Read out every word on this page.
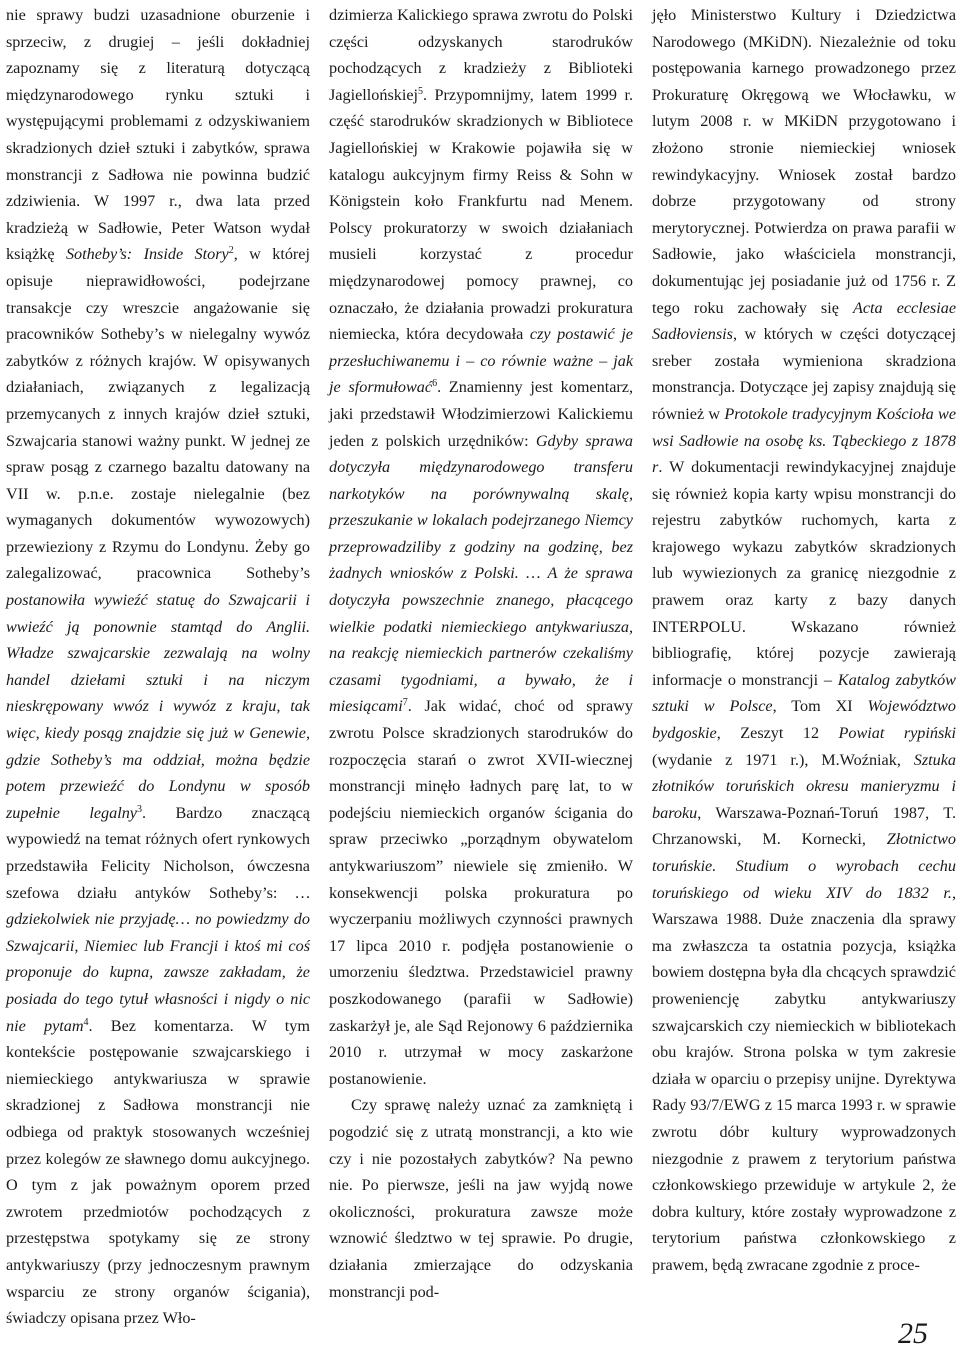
nie sprawy budzi uzasadnione oburzenie i sprzeciw, z drugiej – jeśli dokładniej zapoznamy się z literaturą dotyczącą międzynarodowego rynku sztuki i występującymi problemami z odzyskiwaniem skradzionych dzieł sztuki i zabytków, sprawa monstrancji z Sadłowa nie powinna budzić zdziwienia. W 1997 r., dwa lata przed kradzieżą w Sadłowie, Peter Watson wydał książkę Sotheby’s: Inside Story$^2$, w której opisuje nieprawidłowości, podejrzane transakcje czy wreszcie angażowanie się pracowników Sotheby’s w nielegalny wywóz zabytków z różnych krajów. W opisywanych działaniach, związanych z legalizacją przemycanych z innych krajów dzieł sztuki, Szwajcaria stanowi ważny punkt. W jednej ze spraw posąg z czarnego bazaltu datowany na VII w. p.n.e. zostaje nielegalnie (bez wymaganych dokumentów wywozowych) przewieziony z Rzymu do Londynu. Żeby go zalegalizować, pracownica Sotheby’s postanowiła wywieźć statuę do Szwajcarii i wwieźć ją ponownie stamtąd do Anglii. Władze szwajcarskie zezwalają na wolny handel dziełami sztuki i na niczym nieskrępowany wwóz i wywóz z kraju, tak więc, kiedy posąg znajdzie się już w Genewie, gdzie Sotheby’s ma oddział, można będzie potem przewieźć do Londynu w sposób zupełnie legalny$^3$. Bardzo znaczącą wypowiedź na temat różnych ofert rynkowych przedstawiła Felicity Nicholson, ówczesna szefowa działu antyków Sotheby’s: … gdziekolwiek nie przyjadę… no powiedzmy do Szwajcarii, Niemiec lub Francji i ktoś mi coś proponuje do kupna, zawsze zakładam, że posiada do tego tytuł własności i nigdy o nic nie pytam$^4$. Bez komentarza. W tym kontekście postępowanie szwajcarskiego i niemieckiego antykwariusza w sprawie skradzionej z Sadłowa monstrancji nie odbiega od praktyk stosowanych wcześniej przez kolegów ze sławnego domu aukcyjnego. O tym z jak poważnym oporem przed zwrotem przedmiotów pochodzących z przestępstwa spotykamy się ze strony antykwariuszy (przy jednoczesnym prawnym wsparciu ze strony organów ścigania), świadczy opisana przez Wło-

dzimierza Kalickiego sprawa zwrotu do Polski części odzyskanych starodruków pochodzących z kradzieży z Biblioteki Jagiellońskiej$^5$. Przypomnijmy, latem 1999 r. część starodruków skradzionych w Bibliotece Jagiellońskiej w Krakowie pojawiła się w katalogu aukcyjnym firmy Reiss & Sohn w Königstein koło Frankfurtu nad Menem. Polscy prokuratorzy w swoich działaniach musieli korzystać z procedur międzynarodowej pomocy prawnej, co oznaczało, że działania prowadzi prokuratura niemiecka, która decydowała czy postawić je przesłuchiwanemu i – co równie ważne – jak je sformułować$^6$. Znamienny jest komentarz, jaki przedstawił Włodzimierzowi Kalickiemu jeden z polskich urzędników: Gdyby sprawa dotyczyła międzynarodowego transferu narkotyków na porównywalną skalę, przeszukanie w lokalach podejrzanego Niemcy przeprowadziliby z godziny na godzinę, bez żadnych wniosków z Polski. … A że sprawa dotyczyła powszechnie znanego, płacącego wielkie podatki niemieckiego antykwariusza, na reakcję niemieckich partnerów czekaliśmy czasami tygodniami, a bywało, że i miesiącami$^7$. Jak widać, choć od sprawy zwrotu Polsce skradzionych starodruków do rozpoczęcia starań o zwrot XVII-wiecznej monstrancji minęło ładnych parę lat, to w podejściu niemieckich organów ścigania do spraw przeciwko „porządnym obywatelom antykwariuszom” niewiele się zmieniło. W konsekwencji polska prokuratura po wyczerpaniu możliwych czynności prawnych 17 lipca 2010 r. podjęła postanowienie o umorzeniu śledztwa. Przedstawiciel prawny poszkodowanego (parafii w Sadłowie) zaskarżył je, ale Sąd Rejonowy 6 października 2010 r. utrzymał w mocy zaskarżone postanowienie.

Czy sprawę należy uznać za zamkniętą i pogodzić się z utratą monstrancji, a kto wie czy i nie pozostałych zabytków? Na pewno nie. Po pierwsze, jeśli na jaw wyjdą nowe okoliczności, prokuratura zawsze może wznowić śledztwo w tej sprawie. Po drugie, działania zmierzające do odzyskania monstrancji pod-

jęło Ministerstwo Kultury i Dziedzictwa Narodowego (MKiDN). Niezależnie od toku postępowania karnego prowadzonego przez Prokuraturę Okręgową we Włocławku, w lutym 2008 r. w MKiDN przygotowano i złożono stronie niemieckiej wniosek rewindykacyjny. Wniosek został bardzo dobrze przygotowany od strony merytorycznej. Potwierdza on prawa parafii w Sadłowie, jako właściciela monstrancji, dokumentując jej posiadanie już od 1756 r. Z tego roku zachowały się Acta ecclesiae Sadłoviensis, w których w części dotyczącej sreber została wymieniona skradziona monstrancja. Dotyczące jej zapisy znajdują się również w Protokole tradycyjnym Kościoła we wsi Sadłowie na osobę ks. Tąbeckiego z 1878 r. W dokumentacji rewindykacyjnej znajduje się również kopia karty wpisu monstrancji do rejestru zabytków ruchomych, karta z krajowego wykazu zabytków skradzionych lub wywiezionych za granicę niezgodnie z prawem oraz karty z bazy danych INTERPOLU. Wskazano również bibliografię, której pozycje zawierają informacje o monstrancji – Katalog zabytków sztuki w Polsce, Tom XI Województwo bydgoskie, Zeszyt 12 Powiat rypiński (wydanie z 1971 r.), M.Woźniak, Sztuka złotników toruńskich okresu manieryzmu i baroku, Warszawa-Poznań-Toruń 1987, T. Chrzanowski, M. Kornecki, Złotnictwo toruńskie. Studium o wyrobach cechu toruńskiego od wieku XIV do 1832 r., Warszawa 1988. Duże znaczenia dla sprawy ma zwłaszcza ta ostatnia pozycja, książka bowiem dostępna była dla chcących sprawdzić proweniencję zabytku antykwariuszy szwajcarskich czy niemieckich w bibliotekach obu krajów. Strona polska w tym zakresie działa w oparciu o przepisy unijne. Dyrektywa Rady 93/7/EWG z 15 marca 1993 r. w sprawie zwrotu dóbr kultury wyprowadzonych niezgodnie z prawem z terytorium państwa członkowskiego przewiduje w artykule 2, że dobra kultury, które zostały wyprowadzone z terytorium państwa członkowskiego z prawem, będą zwracane zgodnie z proce-

25
